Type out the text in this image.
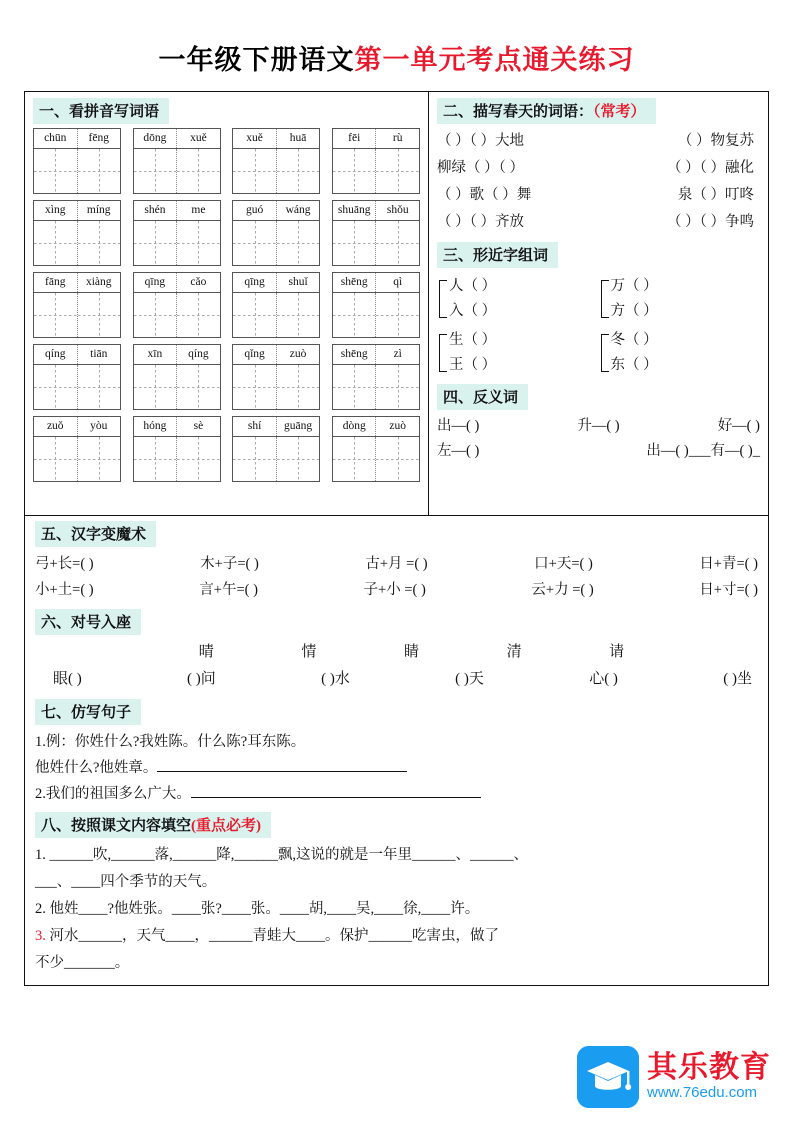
一年级下册语文第一单元考点通关练习
一、看拼音写词语
chūn	fēng	dōng	xuě	xuě	huā	fēi	rù
xìng	míng	shén	me	guó	wáng	shuāng	shǒu
fāng	xiàng	qīng	cǎo	qīng	shuǐ	shēng	qì
qíng	tiān	xīn	qíng	qǐng	zuò	shēng	zì
zuǒ	yòu	hóng	sè	shí	guāng	dòng	zuò
二、描写春天的词语：（常考）
（ ）（ ）大地	（ ）物复苏
柳绿（ ）（ ）	（ ）（ ）融化
（ ）歌（ ）舞	泉（ ）叮咚
（ ）（ ）齐放	（ ）（ ）争鸣
三、形近字组词
人（ ）
入（ ）
生（ ）
王（ ）
万（ ）
方（ ）
冬（ ）
东（ ）
四、反义词
出—( )	升—( )	好—( )
左—( )	出—( )___有—( )_
五、汉字变魔术
弓+长=( )	木+子=( )	古+月 =( )	口+天=( )	日+青=( )
小+土=( )	言+午=( )	子+小 =( )	云+力 =( )	日+寸=( )
六、对号入座
晴	情	睛	清	请
眼( )	( )问	( )水	( )天	心( )	( )坐
七、仿写句子
1.例：你姓什么?我姓陈。什么陈?耳东陈。
他姓什么?他姓章。
2.我们的祖国多么广大。
八、按照课文内容填空(重点必考)
1. ______吹,______落,______降,______飘,这说的就是一年里______、______、
___、____四个季节的天气。
2. 他姓____?他姓张。____张?____张。____胡,____吴,____徐,____许。
3. 河水______，天气____，______青蛙大____。保护______吃害虫，做了
不少_______。
其乐教育
www.76edu.com
